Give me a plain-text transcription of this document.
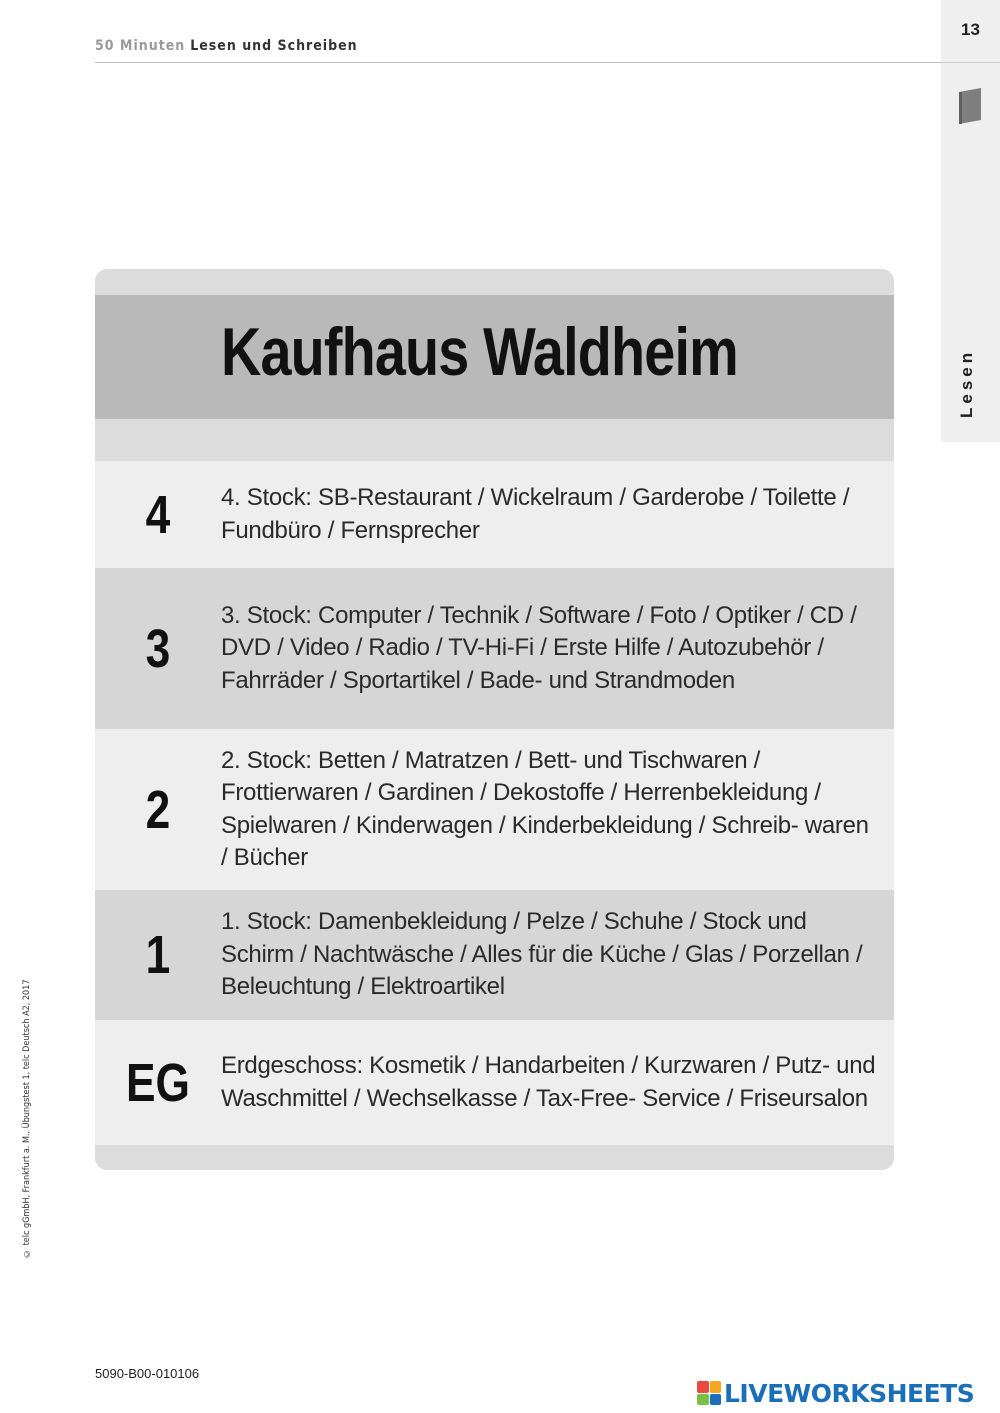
50 Minuten Lesen und Schreiben
13
Lesen
© telc gGmbH, Frankfurt a. M., Übungstest 1, telc Deutsch A2, 2017
Kaufhaus Waldheim
4	4. Stock: SB-Restaurant / Wickelraum / Garderobe / Toilette / Fundbüro / Fernsprecher
3
3. Stock: Computer / Technik / Software / Foto / Optiker / CD / DVD / Video / Radio / TV-Hi-Fi / Erste Hilfe / Autozubehör / Fahrräder / Sportartikel / Bade- und Strandmoden
2
2. Stock: Betten / Matratzen / Bett- und Tischwaren / Frottierwaren / Gardinen / Dekostoffe / Herrenbekleidung / Spielwaren / Kinderwagen / Kinderbekleidung / Schreib- waren / Bücher
1
1. Stock: Damenbekleidung / Pelze / Schuhe / Stock und Schirm / Nachtwäsche / Alles für die Küche / Glas / Porzellan / Beleuchtung / Elektroartikel
EG	Erdgeschoss: Kosmetik / Handarbeiten / Kurzwaren / Putz- und Waschmittel / Wechselkasse / Tax-Free- Service / Friseursalon
5090-B00-010106
LIVEWORKSHEETS
